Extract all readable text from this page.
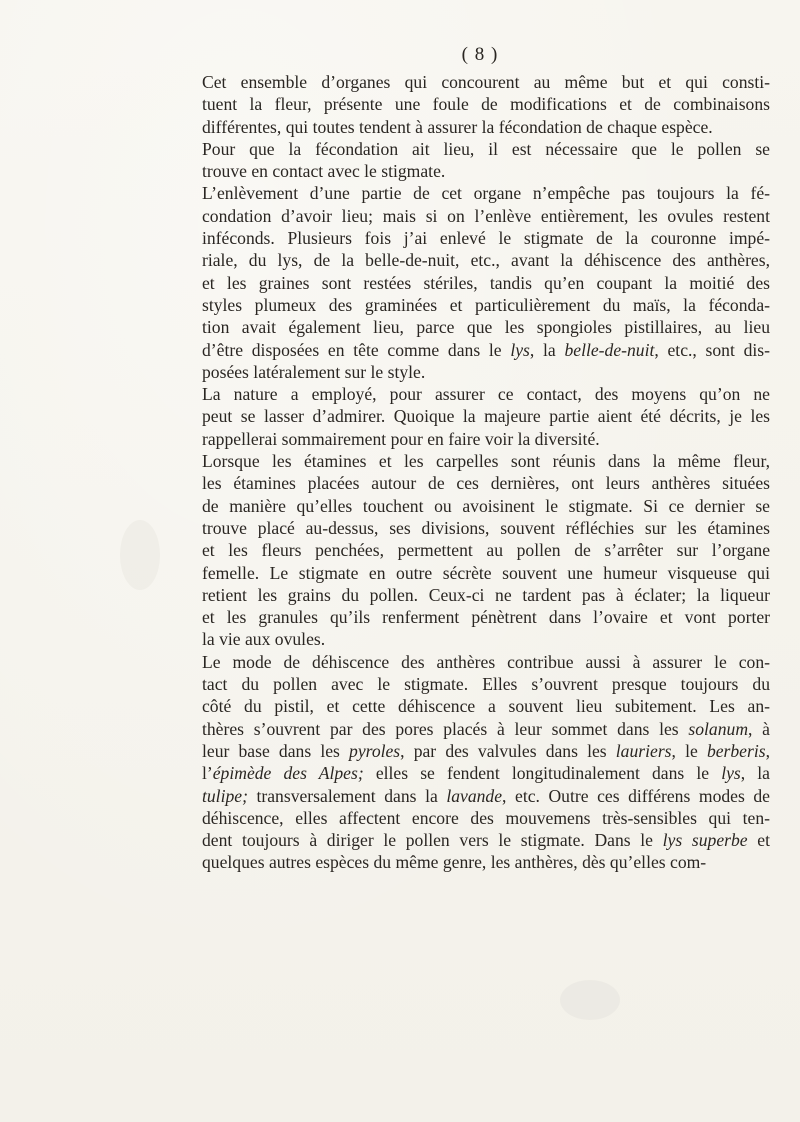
( 8 )
Cet ensemble d’organes qui concourent au même but et qui consti-
tuent la fleur, présente une foule de modifications et de combinaisons
différentes, qui toutes tendent à assurer la fécondation de chaque espèce.
Pour que la fécondation ait lieu, il est nécessaire que le pollen se
trouve en contact avec le stigmate.
L’enlèvement d’une partie de cet organe n’empêche pas toujours la fé-
condation d’avoir lieu; mais si on l’enlève entièrement, les ovules restent
inféconds. Plusieurs fois j’ai enlevé le stigmate de la couronne impé-
riale, du lys, de la belle-de-nuit, etc., avant la déhiscence des anthères,
et les graines sont restées stériles, tandis qu’en coupant la moitié des
styles plumeux des graminées et particulièrement du maïs, la féconda-
tion avait également lieu, parce que les spongioles pistillaires, au lieu
d’être disposées en tête comme dans le lys, la belle-de-nuit, etc., sont dis-
posées latéralement sur le style.
La nature a employé, pour assurer ce contact, des moyens qu’on ne
peut se lasser d’admirer. Quoique la majeure partie aient été décrits, je les
rappellerai sommairement pour en faire voir la diversité.
Lorsque les étamines et les carpelles sont réunis dans la même fleur,
les étamines placées autour de ces dernières, ont leurs anthères situées
de manière qu’elles touchent ou avoisinent le stigmate. Si ce dernier se
trouve placé au-dessus, ses divisions, souvent réfléchies sur les étamines
et les fleurs penchées, permettent au pollen de s’arrêter sur l’organe
femelle. Le stigmate en outre sécrète souvent une humeur visqueuse qui
retient les grains du pollen. Ceux-ci ne tardent pas à éclater; la liqueur
et les granules qu’ils renferment pénètrent dans l’ovaire et vont porter
la vie aux ovules.
Le mode de déhiscence des anthères contribue aussi à assurer le con-
tact du pollen avec le stigmate. Elles s’ouvrent presque toujours du
côté du pistil, et cette déhiscence a souvent lieu subitement. Les an-
thères s’ouvrent par des pores placés à leur sommet dans les solanum, à
leur base dans les pyroles, par des valvules dans les lauriers, le berberis,
l’épimède des Alpes; elles se fendent longitudinalement dans le lys, la
tulipe; transversalement dans la lavande, etc. Outre ces différens modes de
déhiscence, elles affectent encore des mouvemens très-sensibles qui ten-
dent toujours à diriger le pollen vers le stigmate. Dans le lys superbe et
quelques autres espèces du même genre, les anthères, dès qu’elles com-
